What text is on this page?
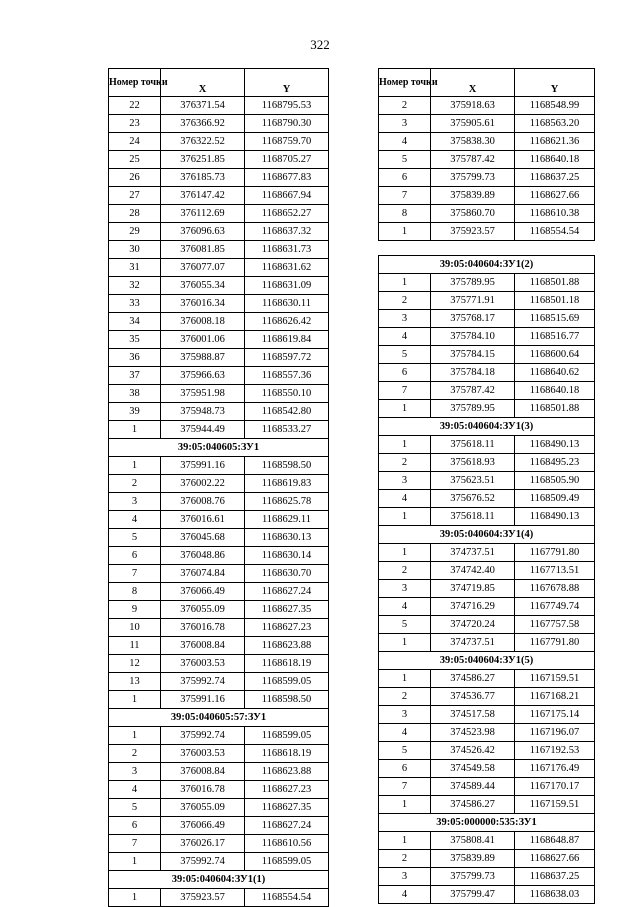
322
Номер точки	X	Y
22	376371.54	1168795.53
23	376366.92	1168790.30
24	376322.52	1168759.70
25	376251.85	1168705.27
26	376185.73	1168677.83
27	376147.42	1168667.94
28	376112.69	1168652.27
29	376096.63	1168637.32
30	376081.85	1168631.73
31	376077.07	1168631.62
32	376055.34	1168631.09
33	376016.34	1168630.11
34	376008.18	1168626.42
35	376001.06	1168619.84
36	375988.87	1168597.72
37	375966.63	1168557.36
38	375951.98	1168550.10
39	375948.73	1168542.80
1	375944.49	1168533.27
39:05:040605:ЗУ1		
1	375991.16	1168598.50
2	376002.22	1168619.83
3	376008.76	1168625.78
4	376016.61	1168629.11
5	376045.68	1168630.13
6	376048.86	1168630.14
7	376074.84	1168630.70
8	376066.49	1168627.24
9	376055.09	1168627.35
10	376016.78	1168627.23
11	376008.84	1168623.88
12	376003.53	1168618.19
13	375992.74	1168599.05
1	375991.16	1168598.50
39:05:040605:57:ЗУ1		
1	375992.74	1168599.05
2	376003.53	1168618.19
3	376008.84	1168623.88
4	376016.78	1168627.23
5	376055.09	1168627.35
6	376066.49	1168627.24
7	376026.17	1168610.56
1	375992.74	1168599.05
39:05:040604:ЗУ1(1)		
1	375923.57	1168554.54
Номер точки	X	Y
2	375918.63	1168548.99
3	375905.61	1168563.20
4	375838.30	1168621.36
5	375787.42	1168640.18
6	375799.73	1168637.25
7	375839.89	1168627.66
8	375860.70	1168610.38
1	375923.57	1168554.54

39:05:040604:ЗУ1(2)		
1	375789.95	1168501.88
2	375771.91	1168501.18
3	375768.17	1168515.69
4	375784.10	1168516.77
5	375784.15	1168600.64
6	375784.18	1168640.62
7	375787.42	1168640.18
1	375789.95	1168501.88
39:05:040604:ЗУ1(3)		
1	375618.11	1168490.13
2	375618.93	1168495.23
3	375623.51	1168505.90
4	375676.52	1168509.49
1	375618.11	1168490.13
39:05:040604:ЗУ1(4)		
1	374737.51	1167791.80
2	374742.40	1167713.51
3	374719.85	1167678.88
4	374716.29	1167749.74
5	374720.24	1167757.58
1	374737.51	1167791.80
39:05:040604:ЗУ1(5)		
1	374586.27	1167159.51
2	374536.77	1167168.21
3	374517.58	1167175.14
4	374523.98	1167196.07
5	374526.42	1167192.53
6	374549.58	1167176.49
7	374589.44	1167170.17
1	374586.27	1167159.51
39:05:000000:535:ЗУ1		
1	375808.41	1168648.87
2	375839.89	1168627.66
3	375799.73	1168637.25
4	375799.47	1168638.03
